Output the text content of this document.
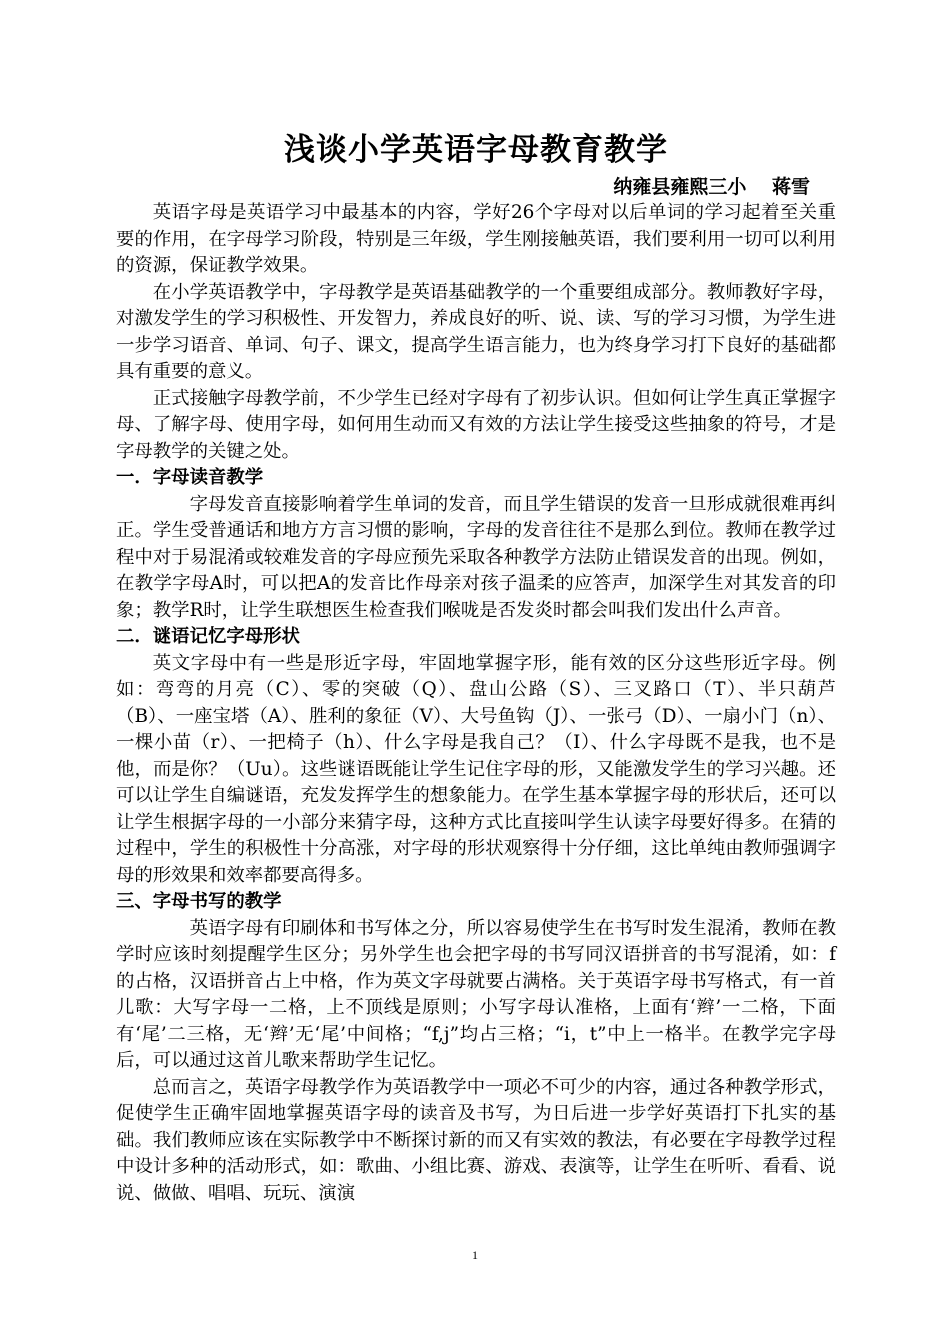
浅谈小学英语字母教育教学
纳雍县雍熙三小　 蒋雪

英语字母是英语学习中最基本的内容，学好26个字母对以后单词的学习起着至关重要的作用，在字母学习阶段，特别是三年级，学生刚接触英语，我们要利用一切可以利用的资源，保证教学效果。

在小学英语教学中，字母教学是英语基础教学的一个重要组成部分。教师教好字母，对激发学生的学习积极性、开发智力，养成良好的听、说、读、写的学习习惯，为学生进一步学习语音、单词、句子、课文，提高学生语言能力，也为终身学习打下良好的基础都具有重要的意义。

正式接触字母教学前，不少学生已经对字母有了初步认识。但如何让学生真正掌握字母、了解字母、使用字母，如何用生动而又有效的方法让学生接受这些抽象的符号，才是字母教学的关键之处。

一．字母读音教学

字母发音直接影响着学生单词的发音，而且学生错误的发音一旦形成就很难再纠正。学生受普通话和地方方言习惯的影响，字母的发音往往不是那么到位。教师在教学过程中对于易混淆或较难发音的字母应预先采取各种教学方法防止错误发音的出现。例如，在教学字母A时，可以把A的发音比作母亲对孩子温柔的应答声，加深学生对其发音的印象；教学R时，让学生联想医生检查我们喉咙是否发炎时都会叫我们发出什么声音。

二．谜语记忆字母形状

英文字母中有一些是形近字母，牢固地掌握字形，能有效的区分这些形近字母。例如：弯弯的月亮（C）、零的突破（Q）、盘山公路（S）、三叉路口（T）、半只葫芦（B）、一座宝塔（A）、胜利的象征（V）、大号鱼钩（J）、一张弓（D）、一扇小门（n）、一棵小苗（r）、一把椅子（h）、什么字母是我自己？（I）、什么字母既不是我，也不是他，而是你？（Uu）。这些谜语既能让学生记住字母的形，又能激发学生的学习兴趣。还可以让学生自编谜语，充发发挥学生的想象能力。在学生基本掌握字母的形状后，还可以让学生根据字母的一小部分来猜字母，这种方式比直接叫学生认读字母要好得多。在猜的过程中，学生的积极性十分高涨，对字母的形状观察得十分仔细，这比单纯由教师强调字母的形效果和效率都要高得多。

三、字母书写的教学

英语字母有印刷体和书写体之分，所以容易使学生在书写时发生混淆，教师在教学时应该时刻提醒学生区分；另外学生也会把字母的书写同汉语拼音的书写混淆，如：f的占格，汉语拼音占上中格，作为英文字母就要占满格。关于英语字母书写格式，有一首儿歌：大写字母一二格，上不顶线是原则；小写字母认准格，上面有‘辫’一二格，下面有‘尾’二三格，无‘辫’无‘尾’中间格；“f,j”均占三格；“i，t”中上一格半。在教学完字母后，可以通过这首儿歌来帮助学生记忆。

总而言之，英语字母教学作为英语教学中一项必不可少的内容，通过各种教学形式，促使学生正确牢固地掌握英语字母的读音及书写，为日后进一步学好英语打下扎实的基础。我们教师应该在实际教学中不断探讨新的而又有实效的教法，有必要在字母教学过程中设计多种的活动形式，如：歌曲、小组比赛、游戏、表演等，让学生在听听、看看、说说、做做、唱唱、玩玩、演演

1
